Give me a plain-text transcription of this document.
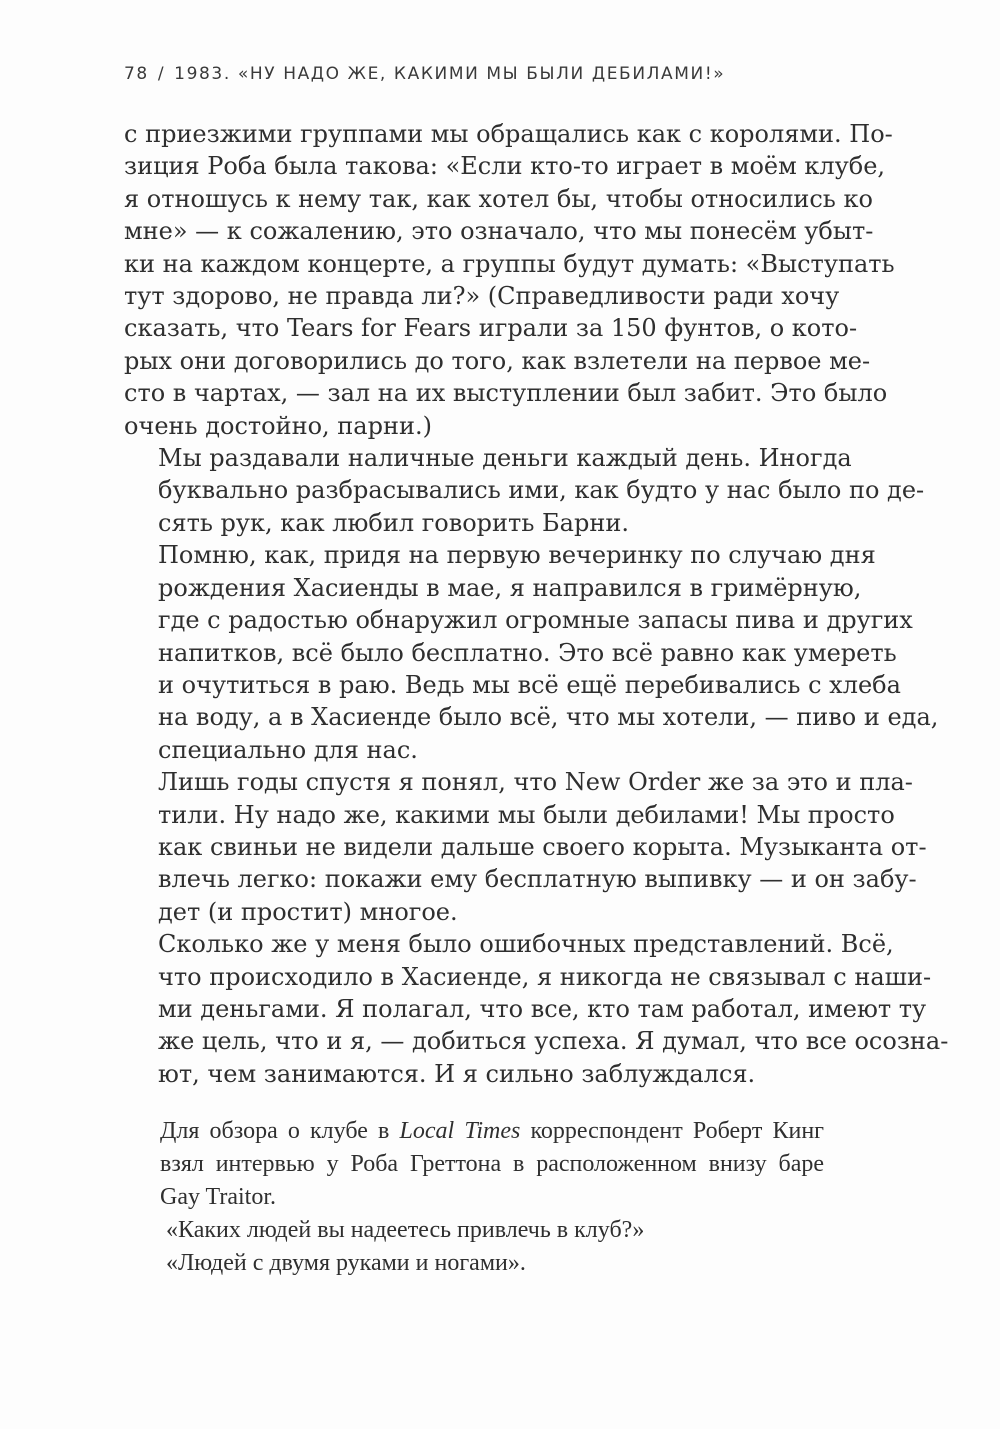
78 / 1983. «НУ НАДО ЖЕ, КАКИМИ МЫ БЫЛИ ДЕБИЛАМИ!»

с приезжими группами мы обращались как с королями. По-
зиция Роба была такова: «Если кто-то играет в моём клубе,
я отношусь к нему так, как хотел бы, чтобы относились ко
мне» — к сожалению, это означало, что мы понесём убыт-
ки на каждом концерте, а группы будут думать: «Выступать
тут здорово, не правда ли?» (Справедливости ради хочу
сказать, что Tears for Fears играли за 150 фунтов, о кото-
рых они договорились до того, как взлетели на первое ме-
сто в чартах, — зал на их выступлении был забит. Это было
очень достойно, парни.)

Мы раздавали наличные деньги каждый день. Иногда
буквально разбрасывались ими, как будто у нас было по де-
сять рук, как любил говорить Барни.

Помню, как, придя на первую вечеринку по случаю дня
рождения Хасиенды в мае, я направился в гримёрную,
где с радостью обнаружил огромные запасы пива и других
напитков, всё было бесплатно. Это всё равно как умереть
и очутиться в раю. Ведь мы всё ещё перебивались с хлеба
на воду, а в Хасиенде было всё, что мы хотели, — пиво и еда,
специально для нас.

Лишь годы спустя я понял, что New Order же за это и пла-
тили. Ну надо же, какими мы были дебилами! Мы просто
как свиньи не видели дальше своего корыта. Музыканта от-
влечь легко: покажи ему бесплатную выпивку — и он забу-
дет (и простит) многое.

Сколько же у меня было ошибочных представлений. Всё,
что происходило в Хасиенде, я никогда не связывал с наши-
ми деньгами. Я полагал, что все, кто там работал, имеют ту
же цель, что и я, — добиться успеха. Я думал, что все осозна-
ют, чем занимаются. И я сильно заблуждался.

Для обзора о клубе в Local Times корреспондент Роберт Кинг
взял интервью у Роба Греттона в расположенном внизу баре
Gay Traitor.
«Каких людей вы надеетесь привлечь в клуб?»
«Людей с двумя руками и ногами».
